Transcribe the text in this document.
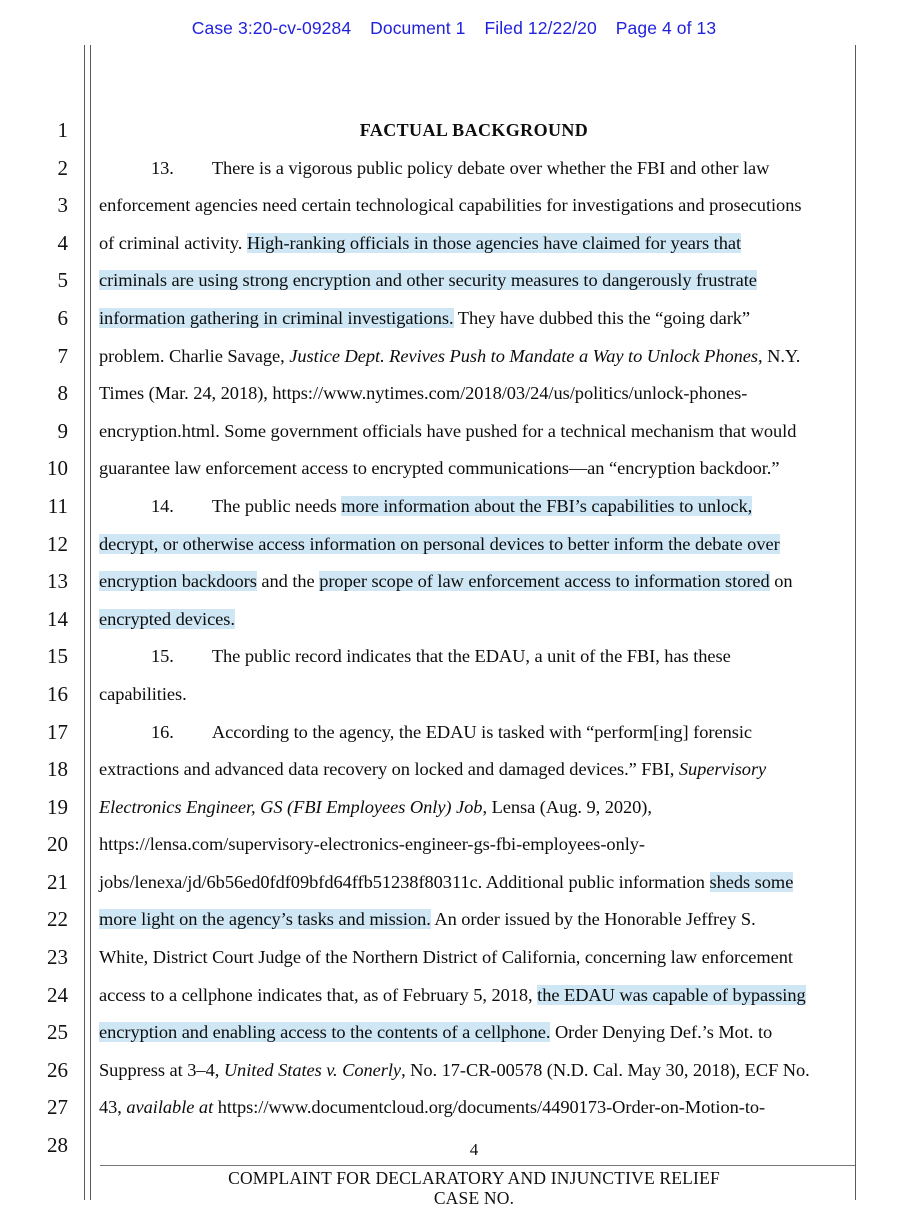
Case 3:20-cv-09284 Document 1 Filed 12/22/20 Page 4 of 13
1
2
3
4
5
6
7
8
9
10
11
12
13
14
15
16
17
18
19
20
21
22
23
24
25
26
27
28
FACTUAL BACKGROUND
13. There is a vigorous public policy debate over whether the FBI and other law
enforcement agencies need certain technological capabilities for investigations and prosecutions
of criminal activity. High-ranking officials in those agencies have claimed for years that
criminals are using strong encryption and other security measures to dangerously frustrate
information gathering in criminal investigations. They have dubbed this the “going dark”
problem. Charlie Savage, Justice Dept. Revives Push to Mandate a Way to Unlock Phones, N.Y.
Times (Mar. 24, 2018), https://www.nytimes.com/2018/03/24/us/politics/unlock-phones-
encryption.html. Some government officials have pushed for a technical mechanism that would
guarantee law enforcement access to encrypted communications—an “encryption backdoor.”
14. The public needs more information about the FBI’s capabilities to unlock,
decrypt, or otherwise access information on personal devices to better inform the debate over
encryption backdoors and the proper scope of law enforcement access to information stored on
encrypted devices.
15. The public record indicates that the EDAU, a unit of the FBI, has these
capabilities.
16. According to the agency, the EDAU is tasked with “perform[ing] forensic
extractions and advanced data recovery on locked and damaged devices.” FBI, Supervisory
Electronics Engineer, GS (FBI Employees Only) Job, Lensa (Aug. 9, 2020),
https://lensa.com/supervisory-electronics-engineer-gs-fbi-employees-only-
jobs/lenexa/jd/6b56ed0fdf09bfd64ffb51238f80311c. Additional public information sheds some
more light on the agency’s tasks and mission. An order issued by the Honorable Jeffrey S.
White, District Court Judge of the Northern District of California, concerning law enforcement
access to a cellphone indicates that, as of February 5, 2018, the EDAU was capable of bypassing
encryption and enabling access to the contents of a cellphone. Order Denying Def.’s Mot. to
Suppress at 3–4, United States v. Conerly, No. 17-CR-00578 (N.D. Cal. May 30, 2018), ECF No.
43, available at https://www.documentcloud.org/documents/4490173-Order-on-Motion-to-
4
COMPLAINT FOR DECLARATORY AND INJUNCTIVE RELIEF
CASE NO.
